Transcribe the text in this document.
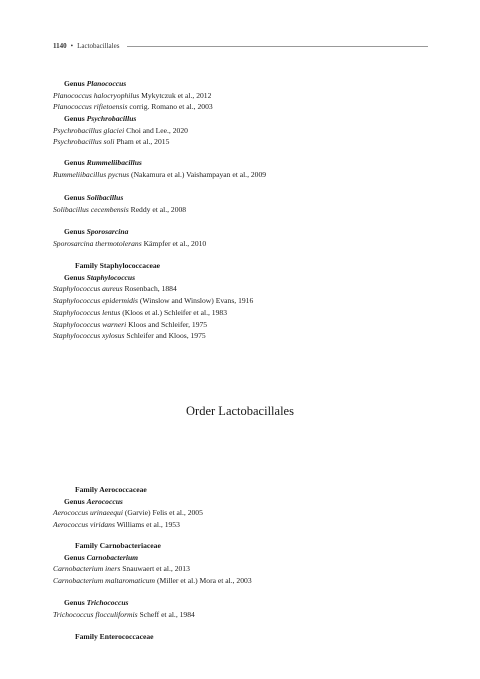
1140 • Lactobacillales
Genus Planococcus
Planococcus halocryophilus Mykytczuk et al., 2012
Planococcus rifietoensis corrig. Romano et al., 2003
Genus Psychrobacillus
Psychrobacillus glaciei Choi and Lee., 2020
Psychrobacillus soli Pham et al., 2015
Genus Rummeliibacillus
Rummeliibacillus pycnus (Nakamura et al.) Vaishampayan et al., 2009
Genus Solibacillus
Solibacillus cecembensis Reddy et al., 2008
Genus Sporosarcina
Sporosarcina thermotolerans Kämpfer et al., 2010
Family Staphylococcaceae
Genus Staphylococcus
Staphylococcus aureus Rosenbach, 1884
Staphylococcus epidermidis (Winslow and Winslow) Evans, 1916
Staphylococcus lentus (Kloos et al.) Schleifer et al., 1983
Staphylococcus warneri Kloos and Schleifer, 1975
Staphylococcus xylosus Schleifer and Kloos, 1975
Order Lactobacillales
Family Aerococcaceae
Genus Aerococcus
Aerococcus urinaeequi (Garvie) Felis et al., 2005
Aerococcus viridans Williams et al., 1953
Family Carnobacteriaceae
Genus Carnobacterium
Carnobacterium iners Snauwaert et al., 2013
Carnobacterium maltaromaticum (Miller et al.) Mora et al., 2003
Genus Trichococcus
Trichococcus flocculiformis Scheff et al., 1984
Family Enterococcaceae
